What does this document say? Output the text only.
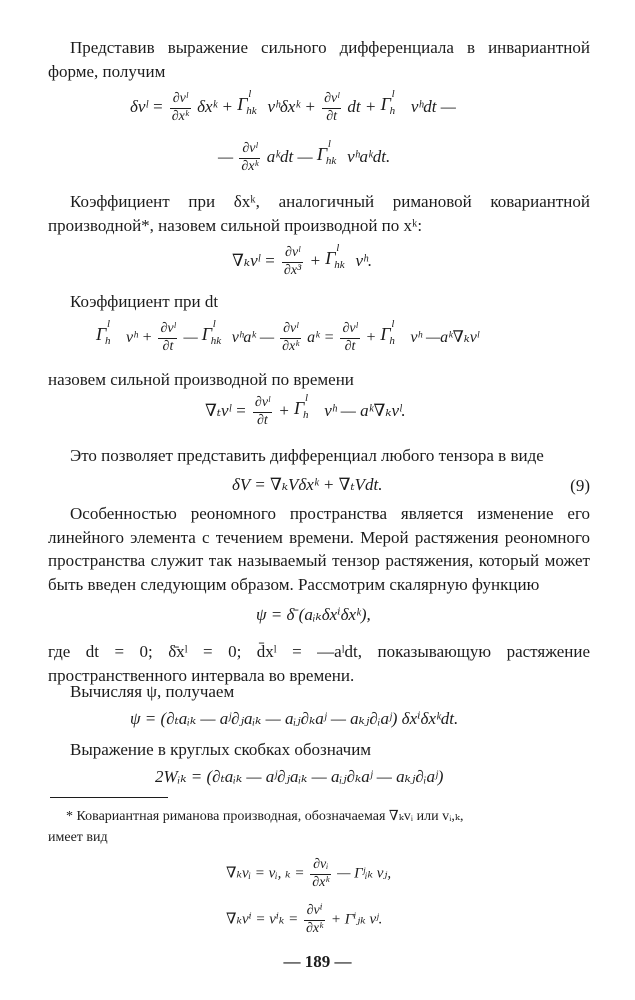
Представив выражение сильного дифференциала в инвариантной форме, получим
δvˡ = $\frac{\text{∂vˡ}}{\text{∂xᵏ}}$ δxᵏ + Γ l
hk vʰδxᵏ + $\frac{\text{∂vˡ}}{\partial t}$ dt + Γ l
h vʰdt —
— $\frac{\text{∂vˡ}}{\text{∂xᵏ}}$ aᵏdt — Γ l
hk vʰaᵏdt.
Коэффициент при δxᵏ, аналогичный римановой ковариантной производной*, назовем сильной производной по xᵏ:
∇ₖvˡ = $\frac{\text{∂vˡ}}{\text{∂x³}} + \Gamma$ l
hk vʰ.
Коэффициент при dt
Γ l
h vʰ + $\frac{\text{∂vˡ}}{\partial t}$ — Γ l
hk vʰaᵏ — $\frac{\text{∂vˡ}}{\text{∂xᵏ}}$ aᵏ = $\frac{\text{∂vˡ}}{\partial t} + \Gamma$ l
h vʰ —aᵏ∇ₖvˡ
назовем сильной производной по времени
∇ₜvˡ = $\frac{\text{∂vˡ}}{\partial t} + \Gamma$ l
h vʰ — aᵏ∇ₖvˡ.
Это позволяет представить дифференциал любого тензора в виде
δV = ∇ₖVδxᵏ + ∇ₜVdt.	(9)
Особенностью реономного пространства является изменение его линейного элемента с течением времени. Мерой растяжения реономного пространства служит так называемый тензор растяжения, который может быть введен следующим образом. Рассмотрим скалярную функцию
ψ = δ̄ (aᵢₖδxⁱδxᵏ),
где dt = 0; δ̄xˡ = 0; d̄xˡ = —aˡdt, показывающую растяжение пространственного интервала во времени.
Вычисляя ψ, получаем
ψ = (∂ₜaᵢₖ — aʲ∂ⱼaᵢₖ — aᵢⱼ∂ₖaʲ — aₖⱼ∂ᵢaʲ) δxⁱδxᵏdt.
Выражение в круглых скобках обозначим
2Wᵢₖ = (∂ₜaᵢₖ — aʲ∂ⱼaᵢₖ — aᵢⱼ∂ₖaʲ — aₖⱼ∂ᵢaʲ)
* Ковариантная риманова производная, обозначаемая ∇ₖvᵢ или vᵢ,ₖ,
имеет вид
∇ₖvᵢ = vᵢ, $_k = \frac{\text{∂vᵢ}}{\text{∂xᵏ}}$ — Γʲᵢₖ vⱼ,
$\nabla_kv^i = v^i_k = \frac{\text{∂vⁱ}}{\text{∂xᵏ}}$ + Γⁱⱼₖ vʲ.
— 189 —
